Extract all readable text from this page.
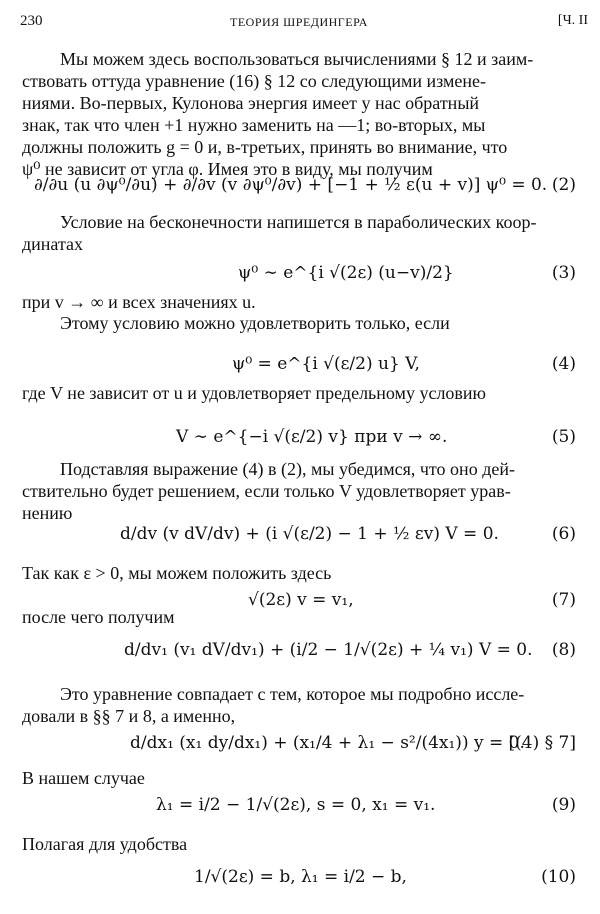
230	ТЕОРИЯ ШРЕДИНГЕРА	[Ч. II
Мы можем здесь воспользоваться вычислениями § 12 и заим-
ствовать оттуда уравнение (16) § 12 со следующими измене-
ниями. Во-первых, Кулонова энергия имеет у нас обратный
знак, так что член +1 нужно заменить на —1; во-вторых, мы
должны положить g = 0 и, в-третьих, принять во внимание, что
ψ⁰ не зависит от угла φ. Имея это в виду, мы получим
∂/∂u (u ∂ψ⁰/∂u) + ∂/∂v (v ∂ψ⁰/∂v) + [−1 + ½ ε(u + v)] ψ⁰ = 0. (2)
Условие на бесконечности напишется в параболических коор-
динатах
ψ⁰ ∼ e^{i √(2ε) (u−v)/2}	(3)
при v → ∞ и всех значениях u.
Этому условию можно удовлетворить только, если
ψ⁰ = e^{i √(ε/2) u} V,	(4)
где V не зависит от u и удовлетворяет предельному условию
V ∼ e^{−i √(ε/2) v} при v → ∞.	(5)
Подставляя выражение (4) в (2), мы убедимся, что оно дей-
ствительно будет решением, если только V удовлетворяет урав-
нению
d/dv (v dV/dv) + (i √(ε/2) − 1 + ½ εv) V = 0.	(6)
Так как ε > 0, мы можем положить здесь
√(2ε) v = v₁,	(7)
после чего получим
d/dv₁ (v₁ dV/dv₁) + (i/2 − 1/√(2ε) + ¼ v₁) V = 0. (8)
Это уравнение совпадает с тем, которое мы подробно иссле-
довали в §§ 7 и 8, а именно,
d/dx₁ (x₁ dy/dx₁) + (x₁/4 + λ₁ − s²/(4x₁)) y = 0.
[(4) § 7]
В нашем случае
λ₁ = i/2 − 1/√(2ε), s = 0, x₁ = v₁.	(9)
Полагая для удобства
1/√(2ε) = b, λ₁ = i/2 − b,	(10)
